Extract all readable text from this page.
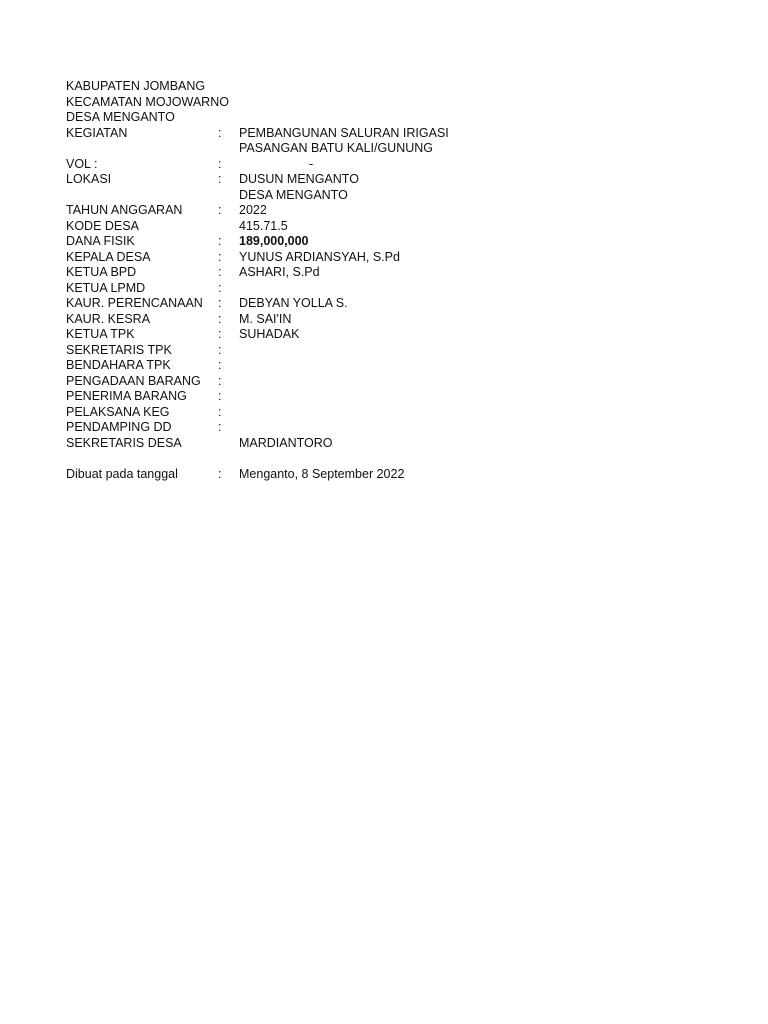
KABUPATEN JOMBANG
KECAMATAN MOJOWARNO
DESA MENGANTO
KEGIATAN	: PEMBANGUNAN SALURAN IRIGASI
PASANGAN BATU KALI/GUNUNG
VOL :	:	-
LOKASI	: DUSUN MENGANTO
DESA MENGANTO
TAHUN ANGGARAN	: 2022
KODE DESA	415.71.5
DANA FISIK	: 189,000,000
KEPALA DESA	: YUNUS ARDIANSYAH, S.Pd
KETUA BPD	: ASHARI, S.Pd
KETUA LPMD	:
KAUR. PERENCANAAN : DEBYAN YOLLA S.
KAUR. KESRA	: M. SAI'IN
KETUA TPK	: SUHADAK
SEKRETARIS TPK	:
BENDAHARA TPK	:
PENGADAAN BARANG :
PENERIMA BARANG :
PELAKSANA KEG	:
PENDAMPING DD	:
SEKRETARIS DESA	MARDIANTORO
Dibuat pada tanggal	: Menganto, 8 September 2022
